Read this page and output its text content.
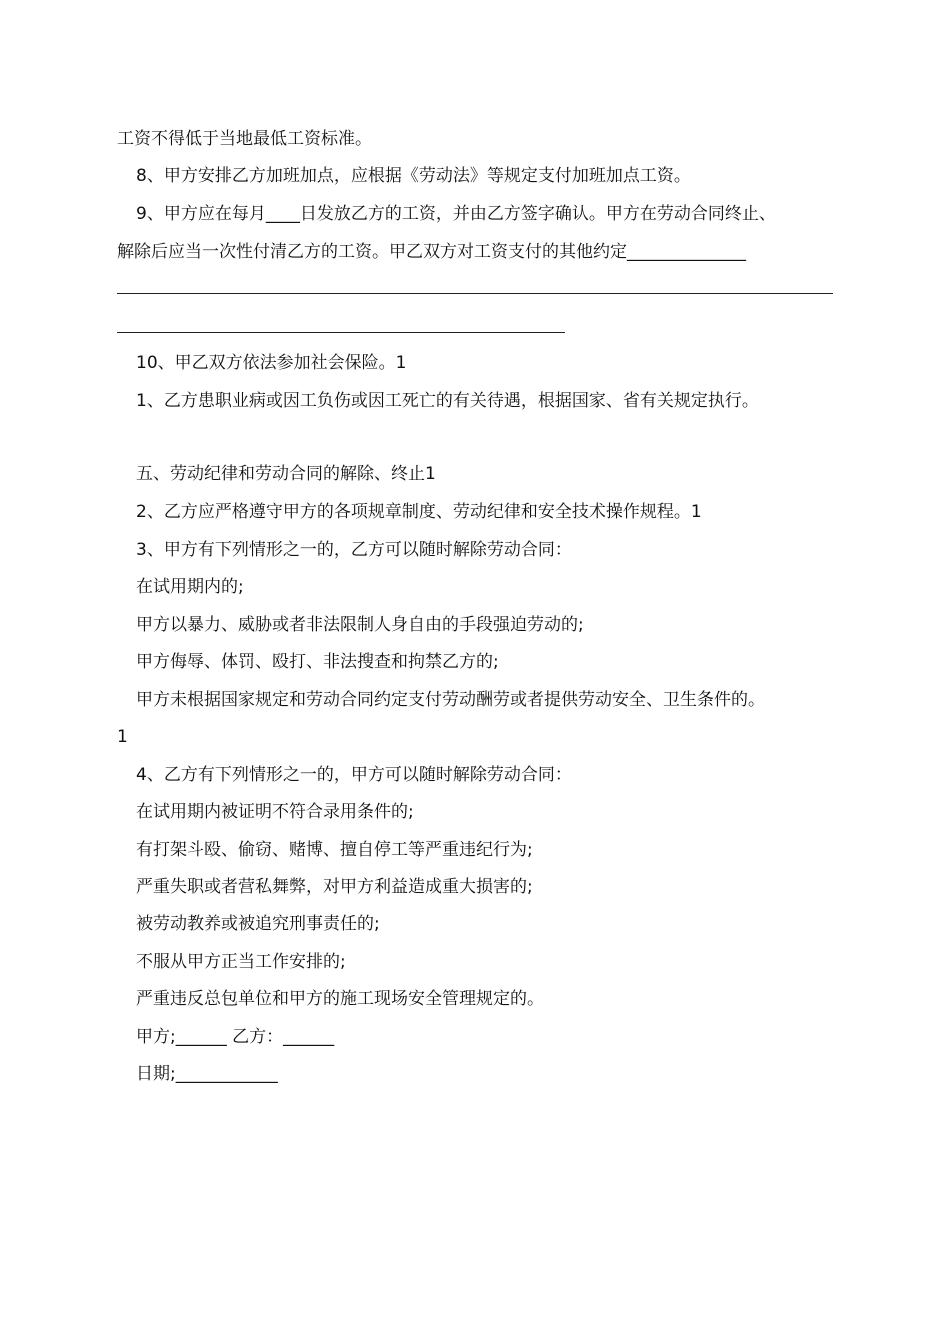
工资不得低于当地最低工资标准。
8、甲方安排乙方加班加点，应根据《劳动法》等规定支付加班加点工资。
9、甲方应在每月____日发放乙方的工资，并由乙方签字确认。甲方在劳动合同终止、
解除后应当一次性付清乙方的工资。甲乙双方对工资支付的其他约定______________
10、甲乙双方依法参加社会保险。1
1、乙方患职业病或因工负伤或因工死亡的有关待遇，根据国家、省有关规定执行。
五、劳动纪律和劳动合同的解除、终止1
2、乙方应严格遵守甲方的各项规章制度、劳动纪律和安全技术操作规程。1
3、甲方有下列情形之一的，乙方可以随时解除劳动合同：
在试用期内的;
甲方以暴力、威胁或者非法限制人身自由的手段强迫劳动的;
甲方侮辱、体罚、殴打、非法搜查和拘禁乙方的;
甲方未根据国家规定和劳动合同约定支付劳动酬劳或者提供劳动安全、卫生条件的。
1
4、乙方有下列情形之一的，甲方可以随时解除劳动合同：
在试用期内被证明不符合录用条件的;
有打架斗殴、偷窃、赌博、擅自停工等严重违纪行为;
严重失职或者营私舞弊，对甲方利益造成重大损害的;
被劳动教养或被追究刑事责任的;
不服从甲方正当工作安排的;
严重违反总包单位和甲方的施工现场安全管理规定的。
甲方;______ 乙方：______
日期;____________
